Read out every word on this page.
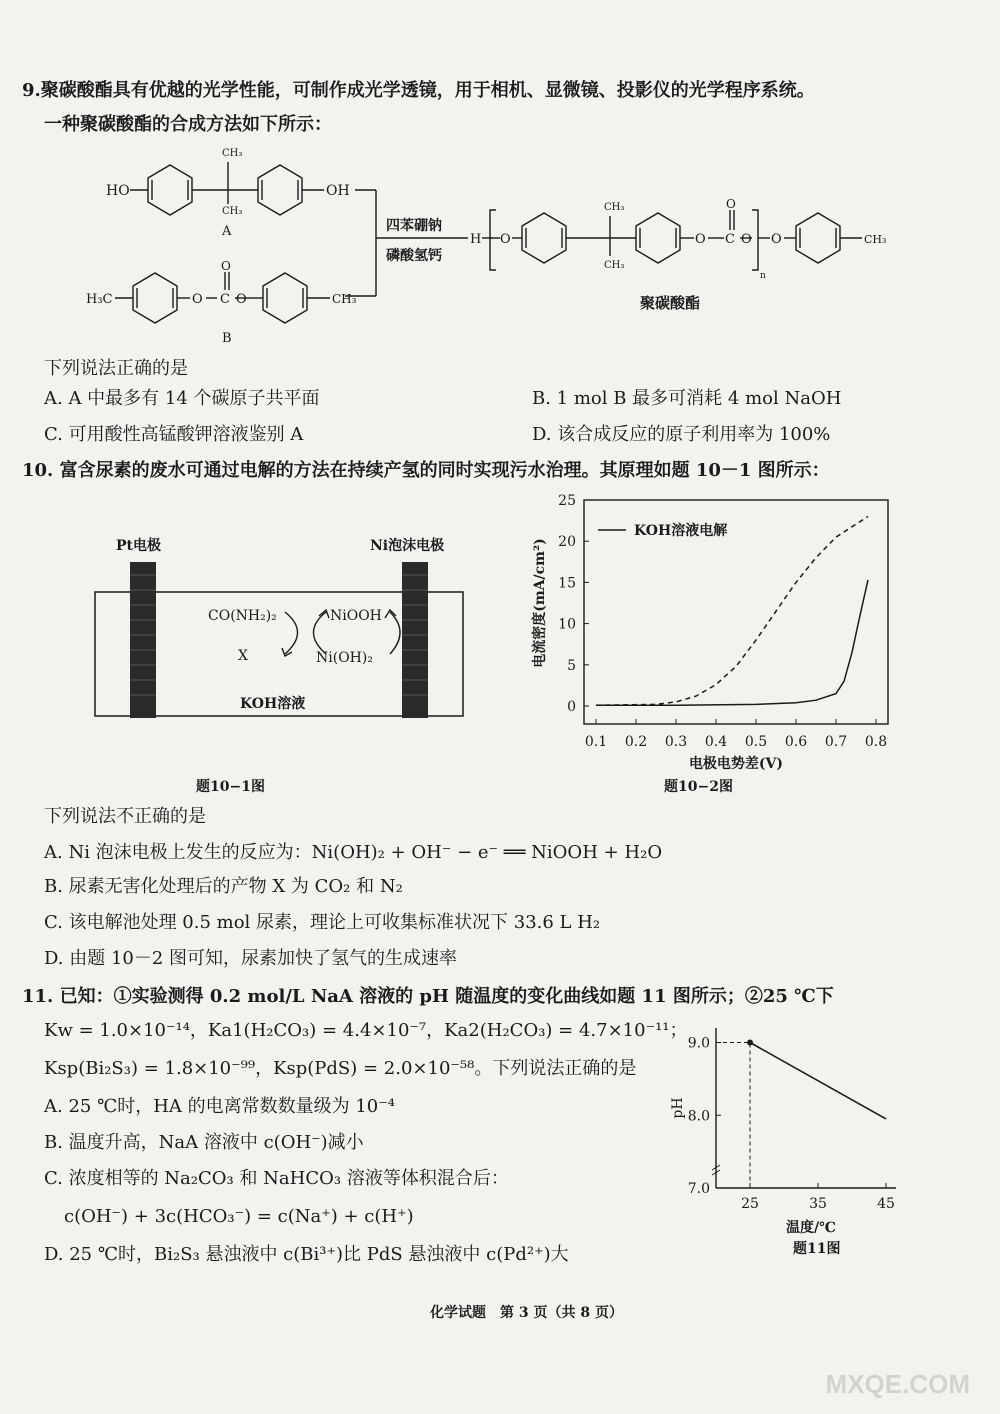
9.聚碳酸酯具有优越的光学性能，可制作成光学透镜，用于相机、显微镜、投影仪的光学程序系统。
一种聚碳酸酯的合成方法如下所示：
HO	OH
CH₃
CH₃
A
H₃C	O C
O
O	CH₃
B
四苯硼钠
磷酸氢钙
H O
CH₃
CH₃
O C
O
O
n
O	CH₃
聚碳酸酯
下列说法正确的是
A. A 中最多有 14 个碳原子共平面	B. 1 mol B 最多可消耗 4 mol NaOH
C. 可用酸性高锰酸钾溶液鉴别 A	D. 该合成反应的原子利用率为 100%
10. 富含尿素的废水可通过电解的方法在持续产氢的同时实现污水治理。其原理如题 10－1 图所示：
Pt电极	Ni泡沫电极
CO(NH₂)₂	NiOOH
X	Ni(OH)₂
KOH溶液
题10−1图
0
5
10
15
20
25
0.1 0.2 0.3 0.4 0.5 0.6 0.7 0.8
电极电势差(V)
电流密度(mA/cm²)
KOH溶液电解
题10−2图
下列说法不正确的是
A. Ni 泡沫电极上发生的反应为：Ni(OH)₂ + OH⁻ − e⁻ ══ NiOOH + H₂O
B. 尿素无害化处理后的产物 X 为 CO₂ 和 N₂
C. 该电解池处理 0.5 mol 尿素，理论上可收集标准状况下 33.6 L H₂
D. 由题 10－2 图可知，尿素加快了氢气的生成速率
11. 已知：①实验测得 0.2 mol/L NaA 溶液的 pH 随温度的变化曲线如题 11 图所示；②25 ℃下
Kw = 1.0×10⁻¹⁴，Ka1(H₂CO₃) = 4.4×10⁻⁷，Ka2(H₂CO₃) = 4.7×10⁻¹¹；
Ksp(Bi₂S₃) = 1.8×10⁻⁹⁹，Ksp(PdS) = 2.0×10⁻⁵⁸。下列说法正确的是
A. 25 ℃时，HA 的电离常数数量级为 10⁻⁴
B. 温度升高，NaA 溶液中 c(OH⁻)减小
C. 浓度相等的 Na₂CO₃ 和 NaHCO₃ 溶液等体积混合后：
c(OH⁻) + 3c(HCO₃⁻) = c(Na⁺) + c(H⁺)
D. 25 ℃时，Bi₂S₃ 悬浊液中 c(Bi³⁺)比 PdS 悬浊液中 c(Pd²⁺)大
7.0
8.0
9.0
25	35	45
温度/℃
pH
题11图
化学试题　第 3 页（共 8 页）
MXQE.COM
